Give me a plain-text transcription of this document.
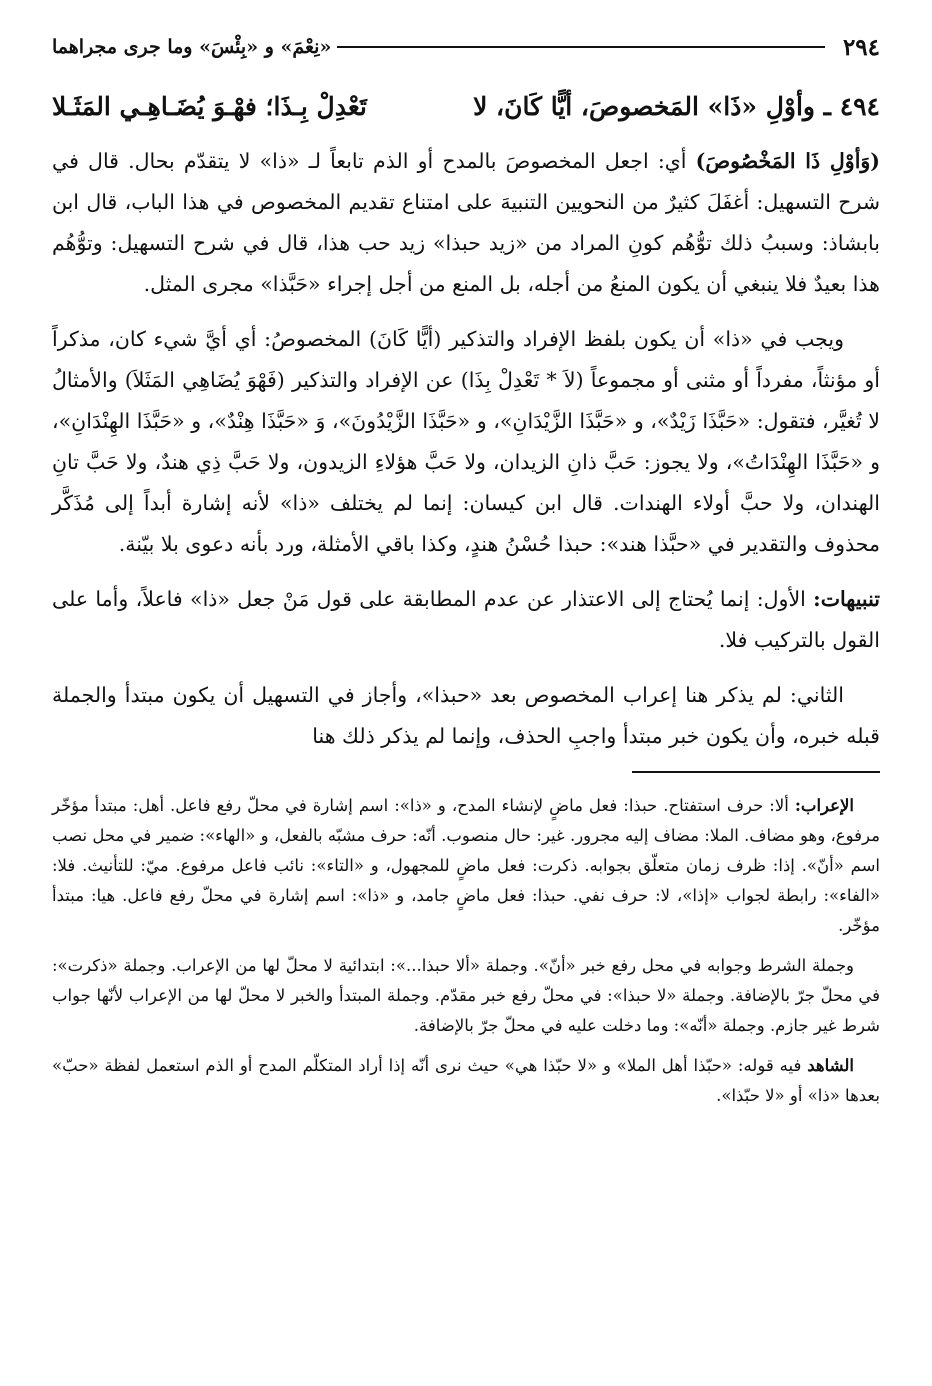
٢٩٤
«نِعْمَ» و «بِئْسَ» وما جرى مجراهما
٤٩٤ ـ وأوْلِ «ذَا» المَخصوصَ، أيًّا كَانَ، لا
تَعْدِلْ بِـذَا؛ فهْـوَ يُضَـاهِـي المَثَـلا

(وَأوْلِ ذَا المَخْصُوصَ) أي: اجعل المخصوصَ بالمدح أو الذم تابعاً لـ «ذا» لا يتقدّم بحال. قال في شرح التسهيل: أغفَلَ كثيرٌ من النحويين التنبيهَ على امتناع تقديم المخصوص في هذا الباب، قال ابن بابشاذ: وسببُ ذلك توُّهُم كونِ المراد من «زيد حبذا» زيد حب هذا، قال في شرح التسهيل: وتوُّهُم هذا بعيدٌ فلا ينبغي أن يكون المنعُ من أجله، بل المنع من أجل إجراء «حَبَّذا» مجرى المثل.

ويجب في «ذا» أن يكون بلفظ الإفراد والتذكير (أيًّا كَانَ) المخصوصُ: أي أيَّ شيء كان، مذكراً أو مؤنثاً، مفرداً أو مثنى أو مجموعاً (لاَ * تَعْدِلْ بِذَا) عن الإفراد والتذكير (فَهْوَ يُضَاهِي المَثَلاَ) والأمثالُ لا تُغيَّر، فتقول: «حَبَّذَا زَيْدٌ»، و «حَبَّذَا الزَّيْدَانِ»، و «حَبَّذَا الزَّيْدُونَ»، وَ «حَبَّذَا هِنْدٌ»، و «حَبَّذَا الهِنْدَانِ»، و «حَبَّذَا الهِنْدَاتُ»، ولا يجوز: حَبَّ ذانِ الزيدان، ولا حَبَّ هؤلاءِ الزيدون، ولا حَبَّ ذِي هندٌ، ولا حَبَّ تانِ الهندان، ولا حبَّ أولاء الهندات. قال ابن كيسان: إنما لم يختلف «ذا» لأنه إشارة أبداً إلى مُذَكَّر محذوف والتقدير في «حبَّذا هند»: حبذا حُسْنُ هندٍ، وكذا باقي الأمثلة، ورد بأنه دعوى بلا بيّنة.

تنبيهات: الأول: إنما يُحتاج إلى الاعتذار عن عدم المطابقة على قول مَنْ جعل «ذا» فاعلاً، وأما على القول بالتركيب فلا.

الثاني: لم يذكر هنا إعراب المخصوص بعد «حبذا»، وأجاز في التسهيل أن يكون مبتدأ والجملة قبله خبره، وأن يكون خبر مبتدأ واجبِ الحذف، وإنما لم يذكر ذلك هنا

الإعراب: ألا: حرف استفتاح. حبذا: فعل ماضٍ لإنشاء المدح، و «ذا»: اسم إشارة في محلّ رفع فاعل. أهل: مبتدأ مؤخّر مرفوع، وهو مضاف. الملا: مضاف إليه مجرور. غير: حال منصوب. أنّه: حرف مشبّه بالفعل، و «الهاء»: ضمير في محل نصب اسم «أنّ». إذا: ظرف زمان متعلّق بجوابه. ذكرت: فعل ماضٍ للمجهول، و «التاء»: نائب فاعل مرفوع. ميّ: للتأنيث. فلا: «الفاء»: رابطة لجواب «إذا»، لا: حرف نفي. حبذا: فعل ماضٍ جامد، و «ذا»: اسم إشارة في محلّ رفع فاعل. هيا: مبتدأ مؤخّر.

وجملة الشرط وجوابه في محل رفع خبر «أنّ». وجملة «ألا حبذا...»: ابتدائية لا محلّ لها من الإعراب. وجملة «ذكرت»: في محلّ جرّ بالإضافة. وجملة «لا حبذا»: في محلّ رفع خبر مقدّم. وجملة المبتدأ والخبر لا محلّ لها من الإعراب لأنّها جواب شرط غير جازم. وجملة «أنّه»: وما دخلت عليه في محلّ جرّ بالإضافة.

الشاهد فيه قوله: «حبّذا أهل الملا» و «لا حبّذا هي» حيث نرى أنّه إذا أراد المتكلّم المدح أو الذم استعمل لفظة «حبّ» بعدها «ذا» أو «لا حبّذا».
